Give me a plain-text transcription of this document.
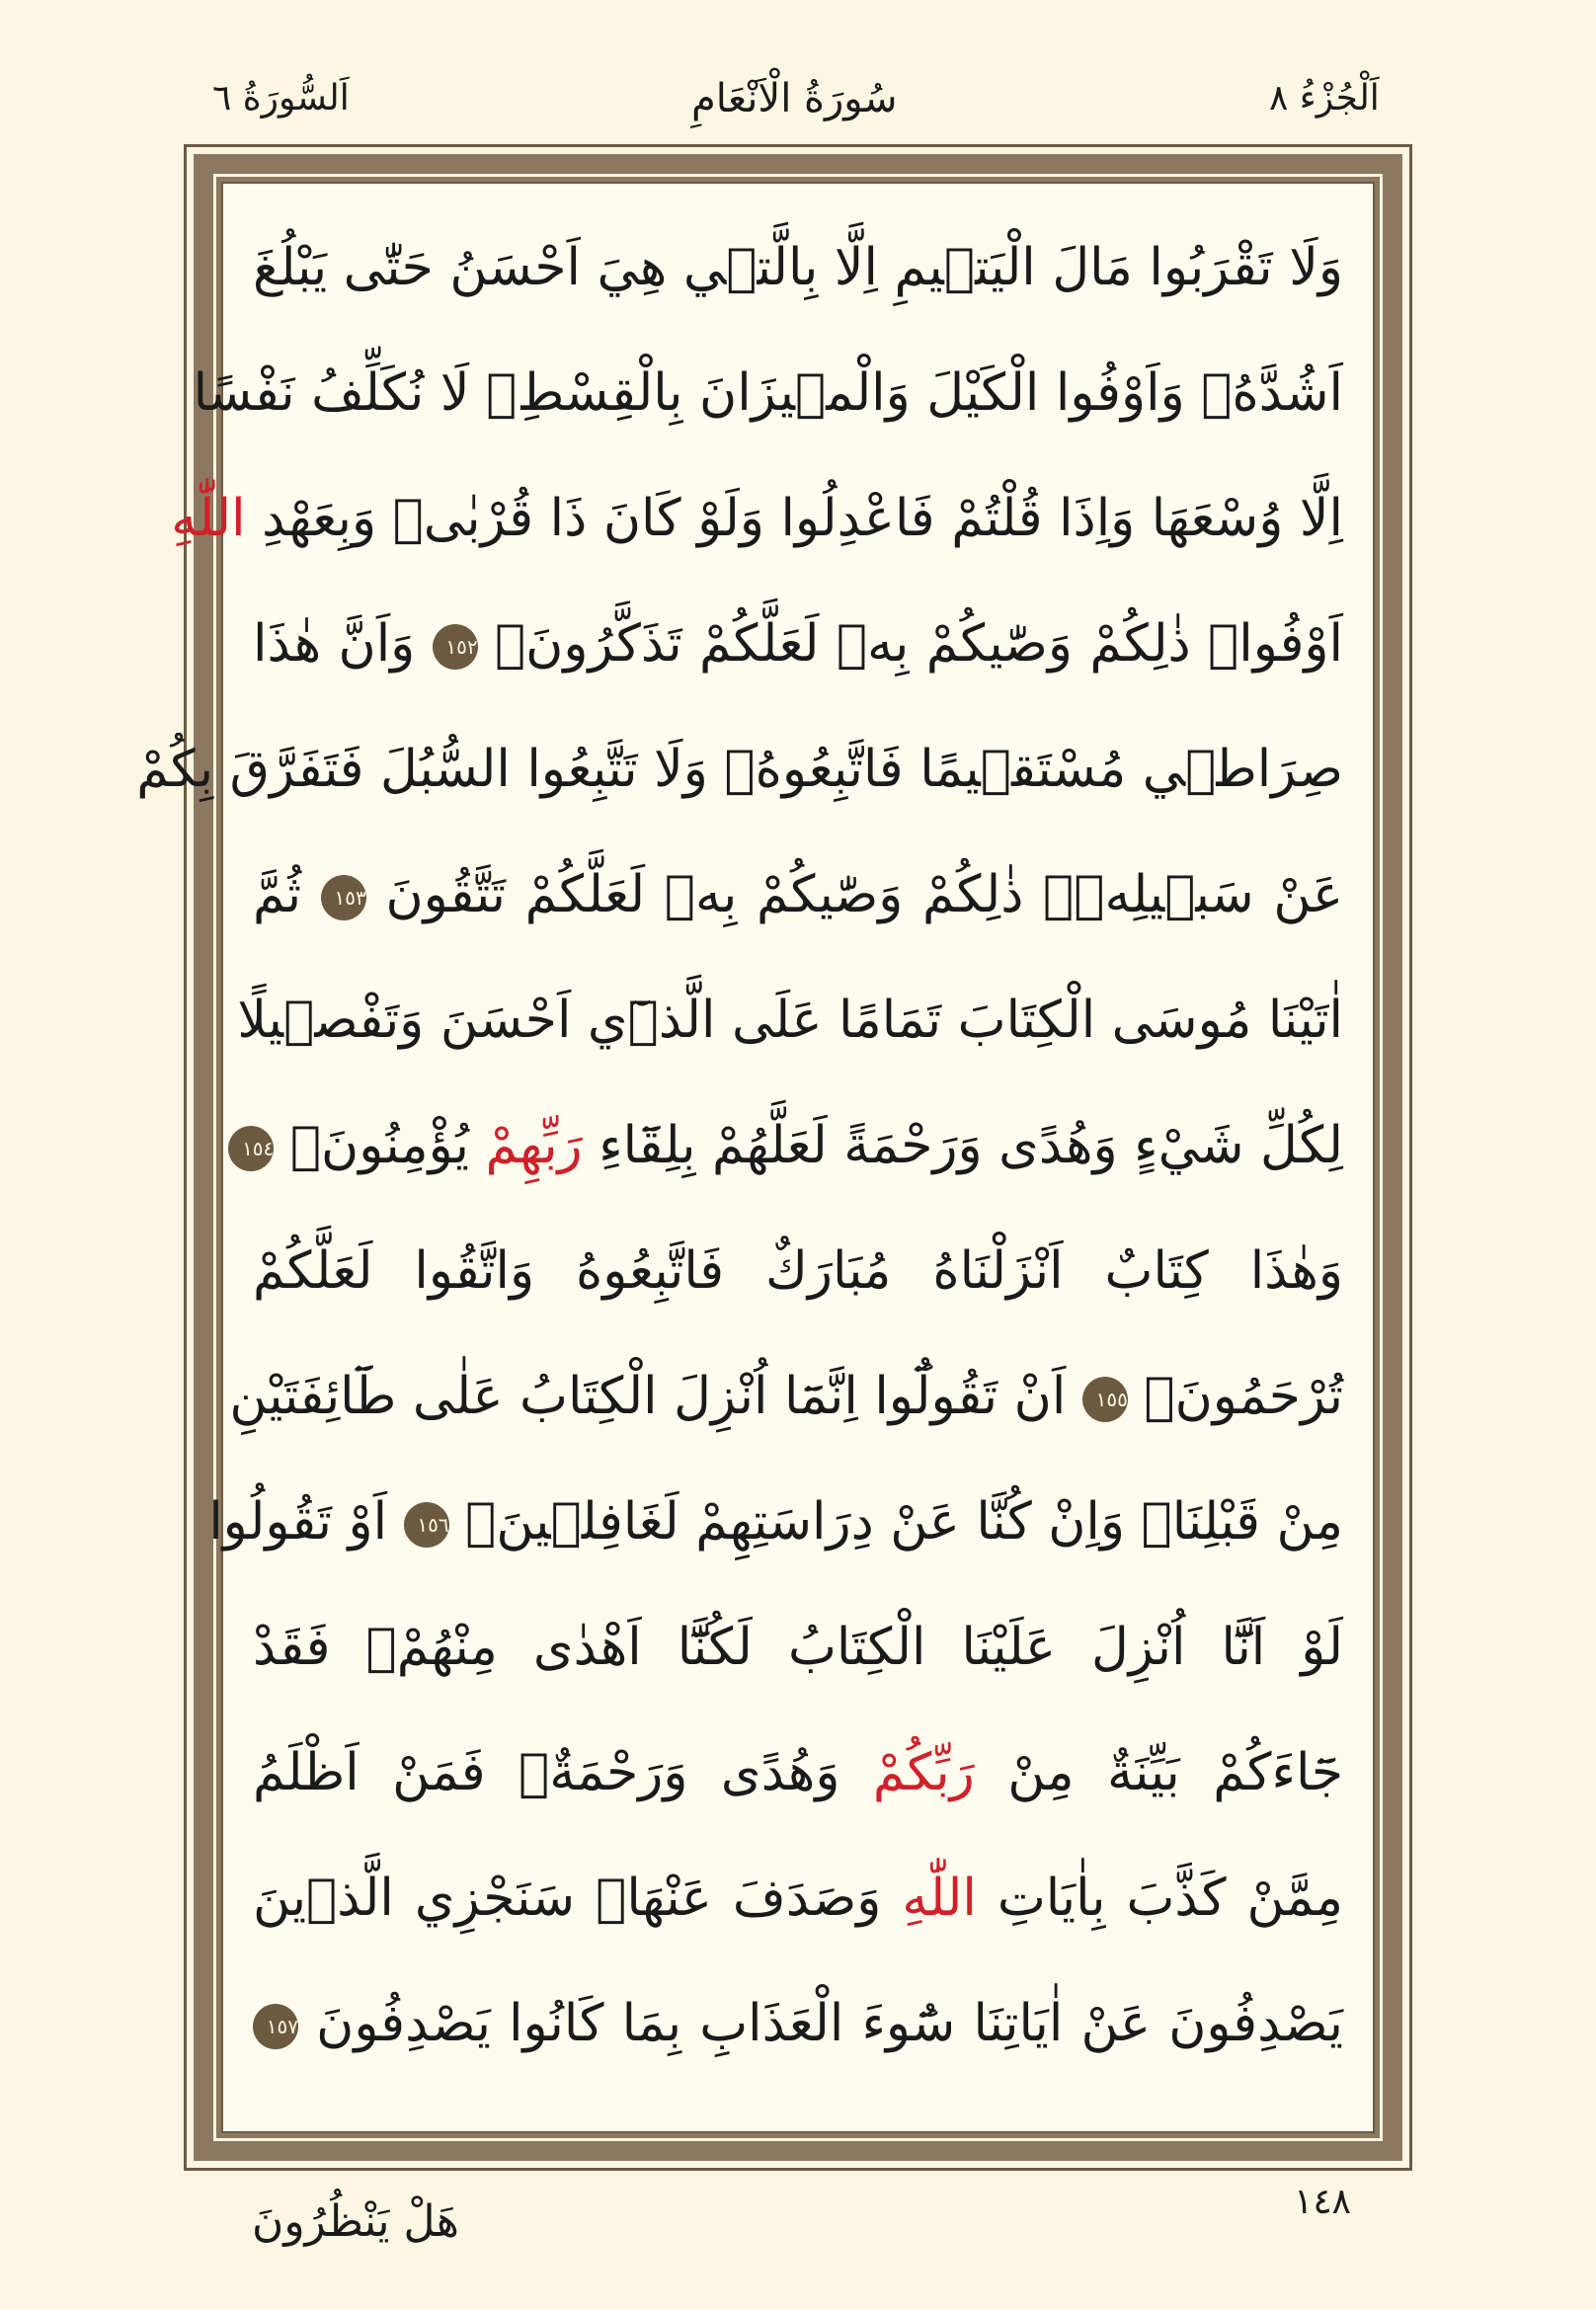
اَلْجُزْءُ ٨
سُورَةُ الْاَنْعَامِ
اَلسُّورَةُ ٦
وَلَا تَقْرَبُوا مَالَ الْيَت۪يمِ اِلَّا بِالَّت۪ي هِيَ اَحْسَنُ حَتّٰى يَبْلُغَ
اَشُدَّهُۚ وَاَوْفُوا الْكَيْلَ وَالْم۪يزَانَ بِالْقِسْطِۚ لَا نُكَلِّفُ نَفْسًا
اِلَّا وُسْعَهَا وَاِذَا قُلْتُمْ فَاعْدِلُوا وَلَوْ كَانَ ذَا قُرْبٰىۚ وَبِعَهْدِ اللّٰهِ
اَوْفُواۜ ذٰلِكُمْ وَصّٰيكُمْ بِه۪ لَعَلَّكُمْ تَذَكَّرُونَۙ ١٥٢ وَاَنَّ هٰذَا
صِرَاط۪ي مُسْتَق۪يمًا فَاتَّبِعُوهُۚ وَلَا تَتَّبِعُوا السُّبُلَ فَتَفَرَّقَ بِكُمْ
عَنْ سَب۪يلِه۪ۜ ذٰلِكُمْ وَصّٰيكُمْ بِه۪ لَعَلَّكُمْ تَتَّقُونَ ١٥٣ ثُمَّ
اٰتَيْنَا مُوسَى الْكِتَابَ تَمَامًا عَلَى الَّذ۪ٓي اَحْسَنَ وَتَفْص۪يلًا
لِكُلِّ شَيْءٍ وَهُدًى وَرَحْمَةً لَعَلَّهُمْ بِلِقَٓاءِ رَبِّهِمْ يُؤْمِنُونَ۟ ١٥٤
وَهٰذَا كِتَابٌ اَنْزَلْنَاهُ مُبَارَكٌ فَاتَّبِعُوهُ وَاتَّقُوا لَعَلَّكُمْ
تُرْحَمُونَۙ ١٥٥ اَنْ تَقُولُٓوا اِنَّمَٓا اُنْزِلَ الْكِتَابُ عَلٰى طَٓائِفَتَيْنِ
مِنْ قَبْلِنَاۖ وَاِنْ كُنَّا عَنْ دِرَاسَتِهِمْ لَغَافِل۪ينَۙ ١٥٦ اَوْ تَقُولُوا
لَوْ اَنَّٓا اُنْزِلَ عَلَيْنَا الْكِتَابُ لَكُنَّٓا اَهْدٰى مِنْهُمْۚ فَقَدْ
جَٓاءَكُمْ بَيِّنَةٌ مِنْ رَبِّكُمْ وَهُدًى وَرَحْمَةٌۚ فَمَنْ اَظْلَمُ
مِمَّنْ كَذَّبَ بِاٰيَاتِ اللّٰهِ وَصَدَفَ عَنْهَاۜ سَنَجْزِي الَّذ۪ينَ
يَصْدِفُونَ عَنْ اٰيَاتِنَا سُٓوءَ الْعَذَابِ بِمَا كَانُوا يَصْدِفُونَ ١٥٧
١٤٨
هَلْ يَنْظُرُونَ
